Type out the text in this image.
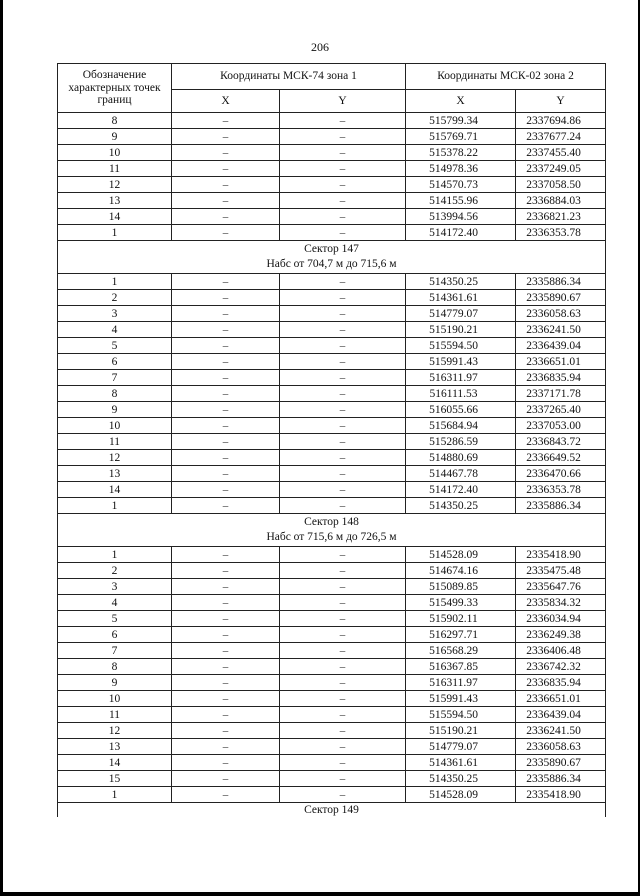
206
Обозначение характерных точек границ	Координаты МСК-74 зона 1		Координаты МСК-02 зона 2	
	X	Y	X	Y
8	–	–	515799.34	2337694.86
9	–	–	515769.71	2337677.24
10	–	–	515378.22	2337455.40
11	–	–	514978.36	2337249.05
12	–	–	514570.73	2337058.50
13	–	–	514155.96	2336884.03
14	–	–	513994.56	2336821.23
1	–	–	514172.40	2336353.78

Сектор 147
Набс от 704,7 м до 715,6 м				

1	–	–	514350.25	2335886.34
2	–	–	514361.61	2335890.67
3	–	–	514779.07	2336058.63
4	–	–	515190.21	2336241.50
5	–	–	515594.50	2336439.04
6	–	–	515991.43	2336651.01
7	–	–	516311.97	2336835.94
8	–	–	516111.53	2337171.78
9	–	–	516055.66	2337265.40
10	–	–	515684.94	2337053.00
11	–	–	515286.59	2336843.72
12	–	–	514880.69	2336649.52
13	–	–	514467.78	2336470.66
14	–	–	514172.40	2336353.78
1	–	–	514350.25	2335886.34

Сектор 148
Набс от 715,6 м до 726,5 м				

1	–	–	514528.09	2335418.90
2	–	–	514674.16	2335475.48
3	–	–	515089.85	2335647.76
4	–	–	515499.33	2335834.32
5	–	–	515902.11	2336034.94
6	–	–	516297.71	2336249.38
7	–	–	516568.29	2336406.48
8	–	–	516367.85	2336742.32
9	–	–	516311.97	2336835.94
10	–	–	515991.43	2336651.01
11	–	–	515594.50	2336439.04
12	–	–	515190.21	2336241.50
13	–	–	514779.07	2336058.63
14	–	–	514361.61	2335890.67
15	–	–	514350.25	2335886.34
1	–	–	514528.09	2335418.90
Сектор 149				
